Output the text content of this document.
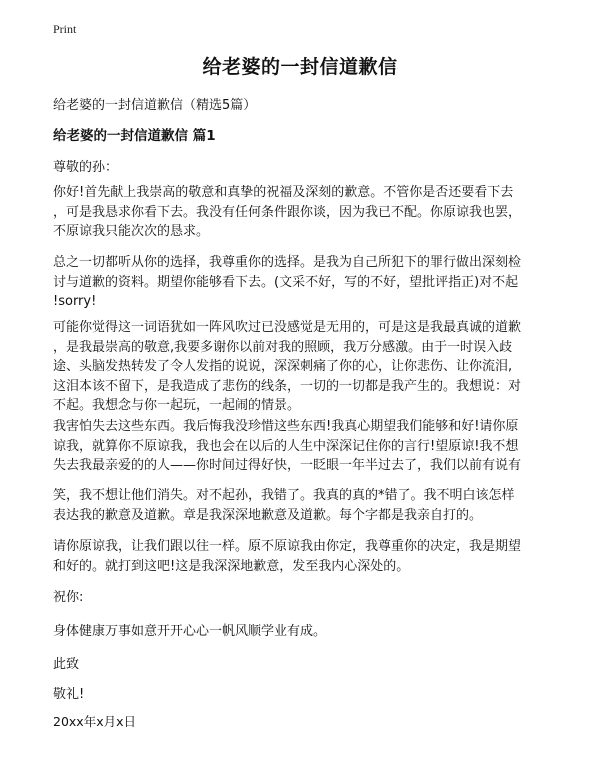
Print
给老婆的一封信道歉信
给老婆的一封信道歉信（精选5篇）
给老婆的一封信道歉信 篇1
尊敬的孙：
你好!首先献上我崇高的敬意和真挚的祝福及深刻的歉意。不管你是否还要看下去
，可是我恳求你看下去。我没有任何条件跟你谈，因为我已不配。你原谅我也罢，
不原谅我只能次次的恳求。
总之一切都听从你的选择，我尊重你的选择。是我为自己所犯下的罪行做出深刻检
讨与道歉的资料。期望你能够看下去。(文采不好，写的不好，望批评指正)对不起
!sorry!
可能你觉得这一词语犹如一阵风吹过已没感觉是无用的，可是这是我最真诚的道歉
，是我最崇高的敬意,我要多谢你以前对我的照顾，我万分感激。由于一时误入歧
途、头脑发热转发了令人发指的说说，深深刺痛了你的心，让你悲伤、让你流泪,
这泪本该不留下，是我造成了悲伤的线条，一切的一切都是我产生的。我想说：对
不起。我想念与你一起玩，一起闹的情景。
我害怕失去这些东西。我后悔我没珍惜这些东西!我真心期望我们能够和好!请你原
谅我，就算你不原谅我，我也会在以后的人生中深深记住你的言行!望原谅!我不想
失去我最亲爱的的人——你时间过得好快，一眨眼一年半过去了，我们以前有说有
笑，我不想让他们消失。对不起孙，我错了。我真的真的*错了。我不明白该怎样
表达我的歉意及道歉。章是我深深地歉意及道歉。每个字都是我亲自打的。
请你原谅我，让我们跟以往一样。原不原谅我由你定，我尊重你的决定，我是期望
和好的。就打到这吧!这是我深深地歉意，发至我内心深处的。
祝你:
身体健康万事如意开开心心一帆风顺学业有成。
此致
敬礼!
20xx年x月x日
